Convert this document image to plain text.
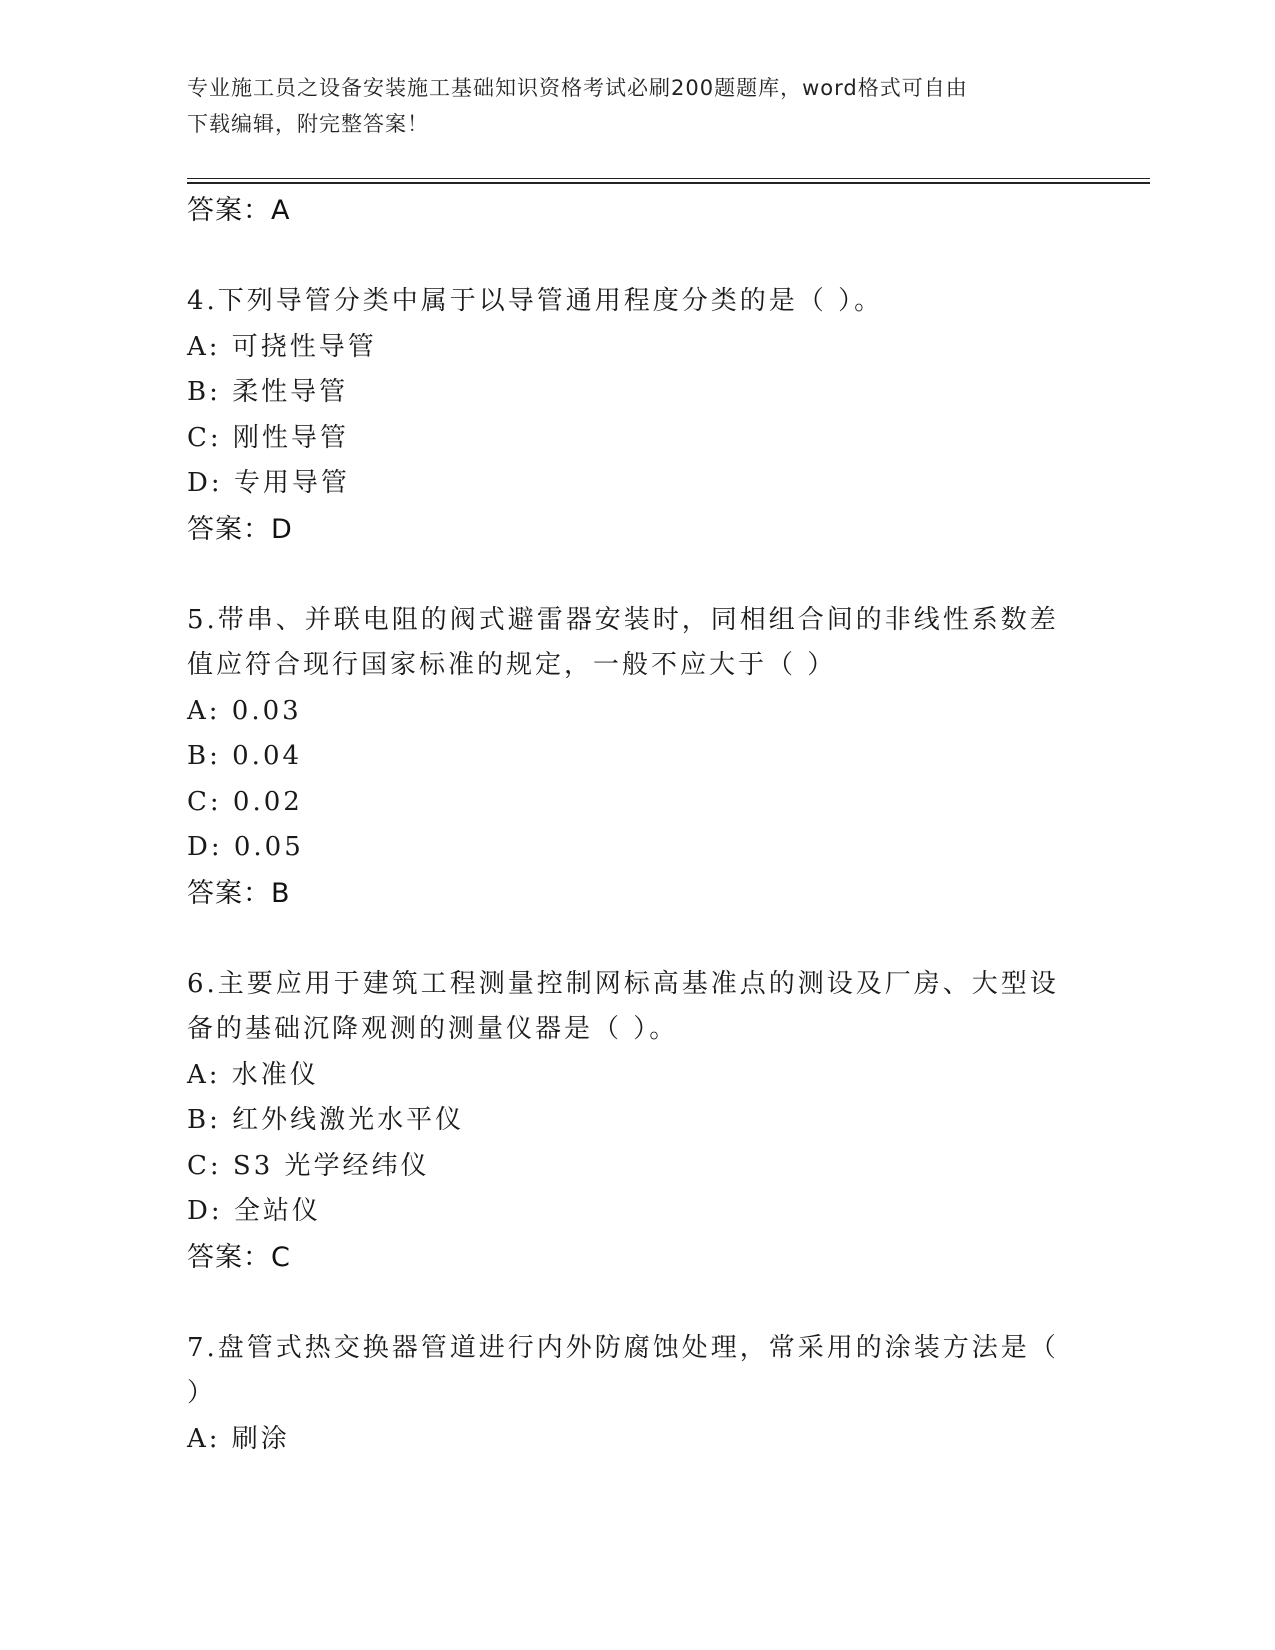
专业施工员之设备安装施工基础知识资格考试必刷200题题库，word格式可自由
下载编辑，附完整答案！
答案：A
4.下列导管分类中属于以导管通用程度分类的是（ ）。
A: 可挠性导管
B: 柔性导管
C: 刚性导管
D: 专用导管
答案：D
5.带串、并联电阻的阀式避雷器安装时，同相组合间的非线性系数差
值应符合现行国家标准的规定，一般不应大于（ ）
A: 0.03
B: 0.04
C: 0.02
D: 0.05
答案：B
6.主要应用于建筑工程测量控制网标高基准点的测设及厂房、大型设
备的基础沉降观测的测量仪器是（ ）。
A: 水准仪
B: 红外线激光水平仪
C: S3 光学经纬仪
D: 全站仪
答案：C
7.盘管式热交换器管道进行内外防腐蚀处理，常采用的涂装方法是（
）
A: 刷涂
